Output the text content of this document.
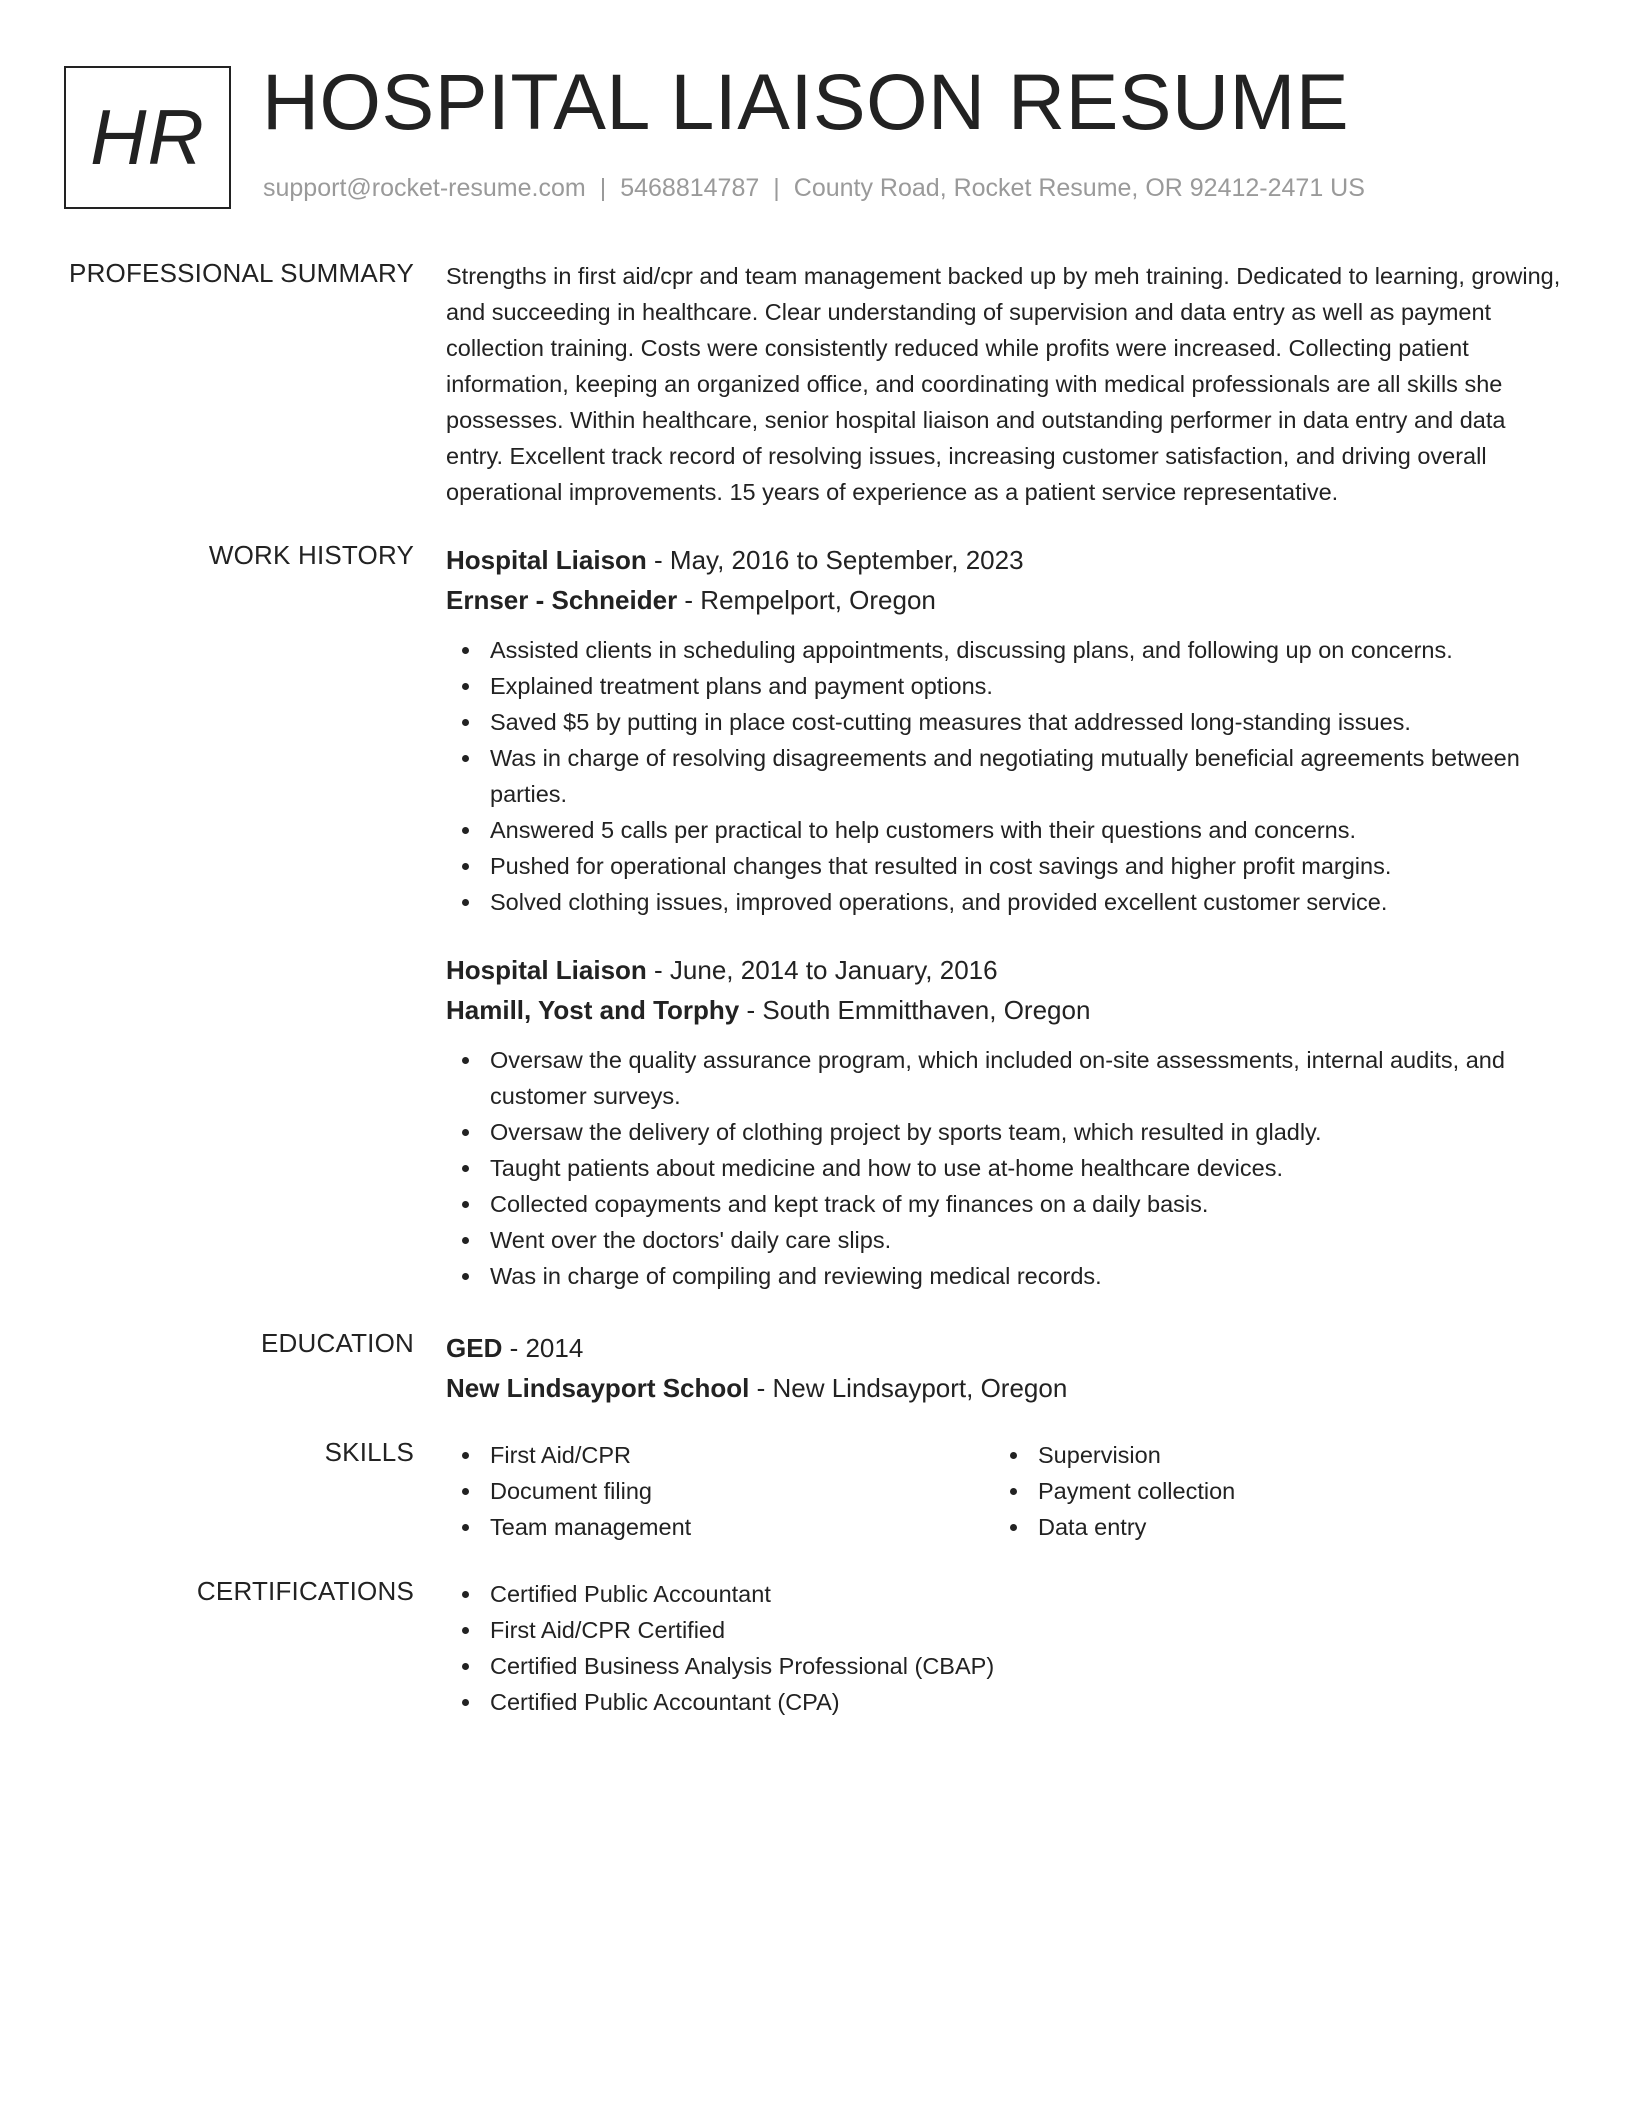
HR HOSPITAL LIAISON RESUME
support@rocket-resume.com | 5468814787 | County Road, Rocket Resume, OR 92412-2471 US
PROFESSIONAL SUMMARY Strengths in first aid/cpr and team management backed up by meh training. Dedicated to learning, growing, and succeeding in healthcare. Clear understanding of supervision and data entry as well as payment collection training. Costs were consistently reduced while profits were increased. Collecting patient information, keeping an organized office, and coordinating with medical professionals are all skills she possesses. Within healthcare, senior hospital liaison and outstanding performer in data entry and data entry. Excellent track record of resolving issues, increasing customer satisfaction, and driving overall operational improvements. 15 years of experience as a patient service representative.
WORK HISTORY Hospital Liaison - May, 2016 to September, 2023
Ernser - Schneider - Rempelport, Oregon
Assisted clients in scheduling appointments, discussing plans, and following up on concerns.
Explained treatment plans and payment options.
Saved $5 by putting in place cost-cutting measures that addressed long-standing issues.
Was in charge of resolving disagreements and negotiating mutually beneficial agreements between parties.
Answered 5 calls per practical to help customers with their questions and concerns.
Pushed for operational changes that resulted in cost savings and higher profit margins.
Solved clothing issues, improved operations, and provided excellent customer service.
Hospital Liaison - June, 2014 to January, 2016
Hamill, Yost and Torphy - South Emmitthaven, Oregon
Oversaw the quality assurance program, which included on-site assessments, internal audits, and customer surveys.
Oversaw the delivery of clothing project by sports team, which resulted in gladly.
Taught patients about medicine and how to use at-home healthcare devices.
Collected copayments and kept track of my finances on a daily basis.
Went over the doctors' daily care slips.
Was in charge of compiling and reviewing medical records.
EDUCATION GED - 2014
New Lindsayport School - New Lindsayport, Oregon
SKILLS	First Aid/CPR	Supervision
Document filing	Payment collection
Team management	Data entry
CERTIFICATIONS	Certified Public Accountant
First Aid/CPR Certified
Certified Business Analysis Professional (CBAP)
Certified Public Accountant (CPA)
